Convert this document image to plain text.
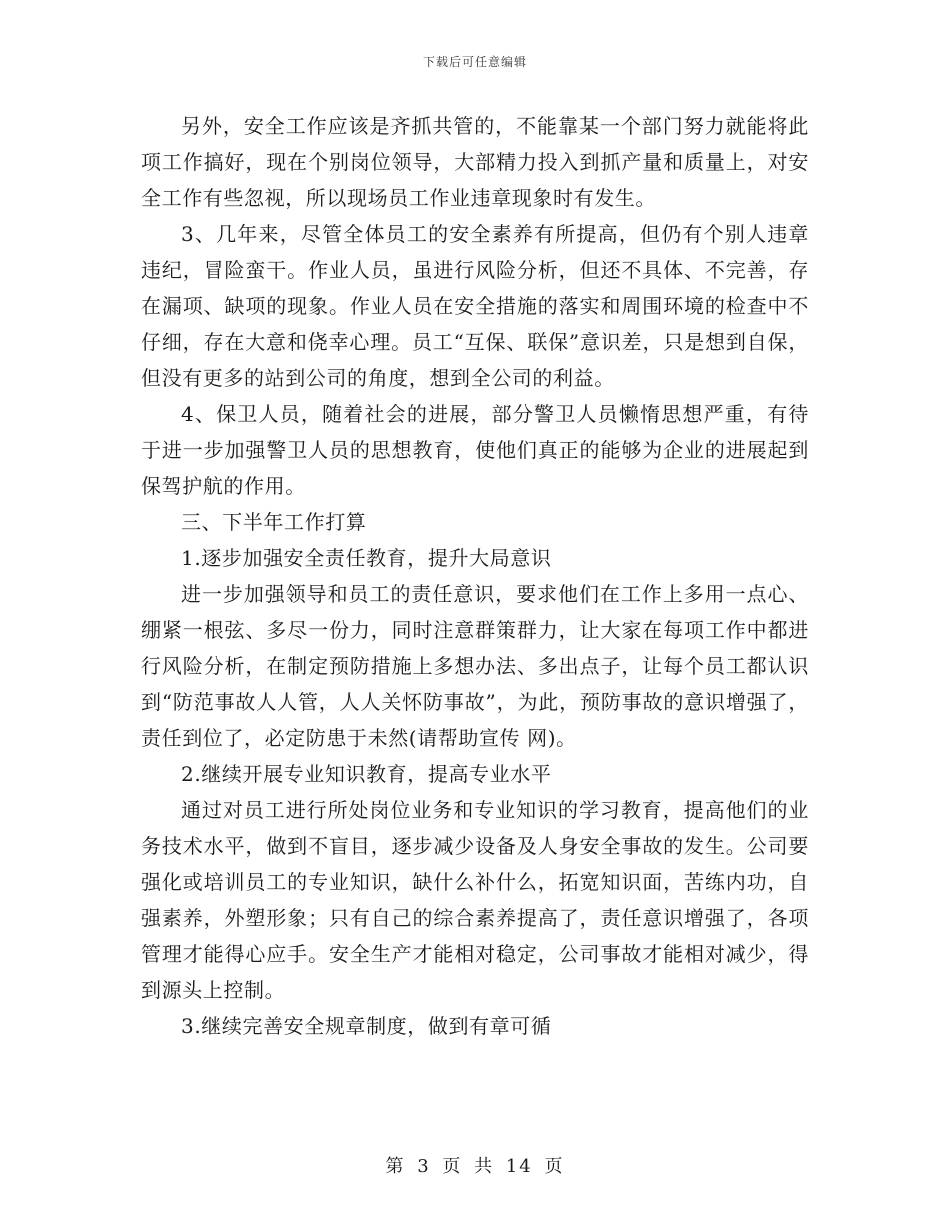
下载后可任意编辑

另外，安全工作应该是齐抓共管的，不能靠某一个部门努力就能将此项工作搞好，现在个别岗位领导，大部精力投入到抓产量和质量上，对安全工作有些忽视，所以现场员工作业违章现象时有发生。

3、几年来，尽管全体员工的安全素养有所提高，但仍有个别人违章违纪，冒险蛮干。作业人员，虽进行风险分析，但还不具体、不完善，存在漏项、缺项的现象。作业人员在安全措施的落实和周围环境的检查中不仔细，存在大意和侥幸心理。员工“互保、联保”意识差，只是想到自保，但没有更多的站到公司的角度，想到全公司的利益。

4、保卫人员，随着社会的进展，部分警卫人员懒惰思想严重，有待于进一步加强警卫人员的思想教育，使他们真正的能够为企业的进展起到保驾护航的作用。

三、下半年工作打算

1.逐步加强安全责任教育，提升大局意识

进一步加强领导和员工的责任意识，要求他们在工作上多用一点心、绷紧一根弦、多尽一份力，同时注意群策群力，让大家在每项工作中都进行风险分析，在制定预防措施上多想办法、多出点子，让每个员工都认识到“防范事故人人管，人人关怀防事故”，为此，预防事故的意识增强了，责任到位了，必定防患于未然(请帮助宣传 网)。

2.继续开展专业知识教育，提高专业水平

通过对员工进行所处岗位业务和专业知识的学习教育，提高他们的业务技术水平，做到不盲目，逐步减少设备及人身安全事故的发生。公司要强化或培训员工的专业知识，缺什么补什么，拓宽知识面，苦练内功，自强素养，外塑形象；只有自己的综合素养提高了，责任意识增强了，各项管理才能得心应手。安全生产才能相对稳定，公司事故才能相对减少，得到源头上控制。

3.继续完善安全规章制度，做到有章可循

第 3 页 共 14 页
